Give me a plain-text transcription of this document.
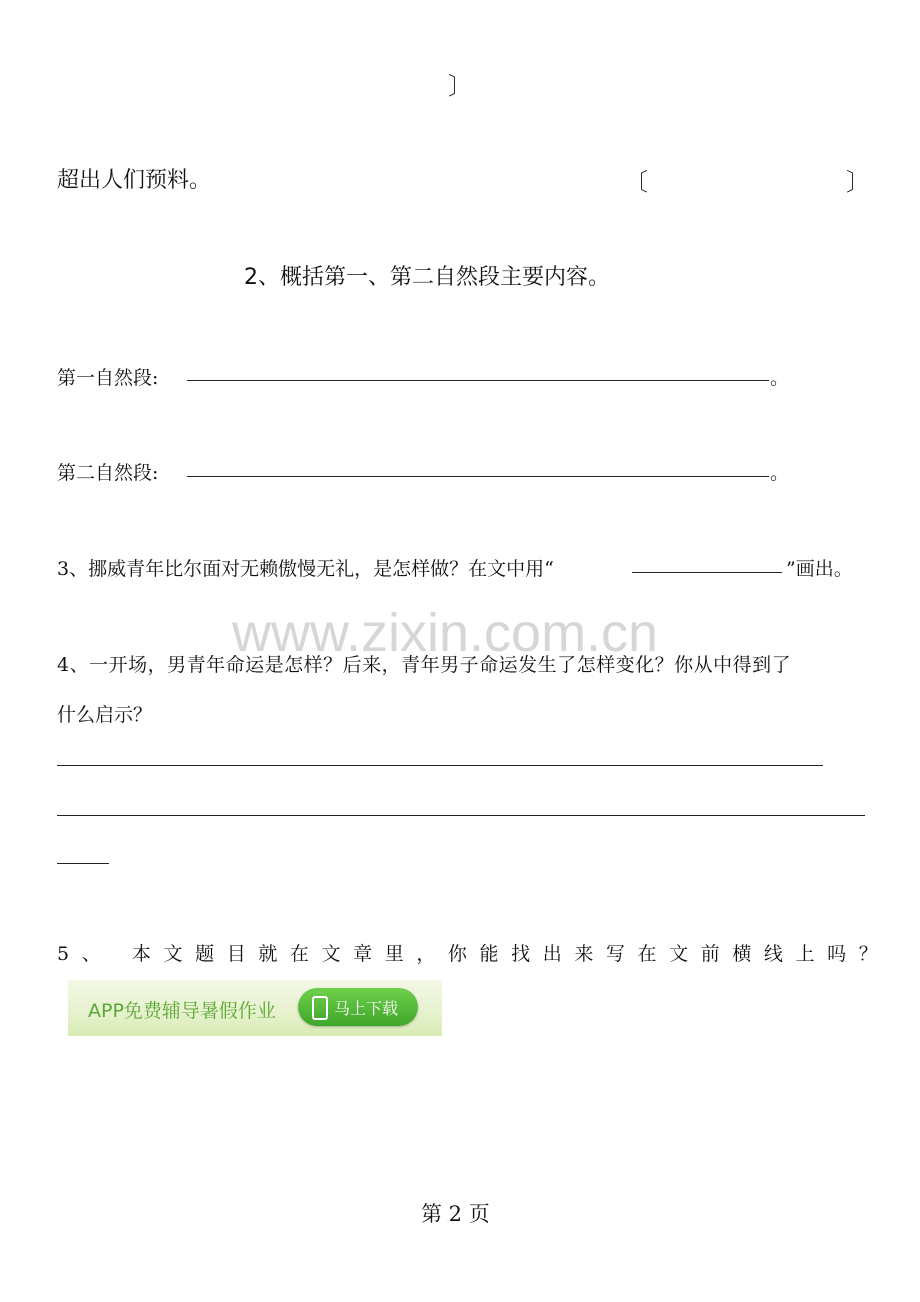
〕
超出人们预料。	〔	〕
2、概括第一、第二自然段主要内容。
第一自然段:	。
第二自然段:	。
3、挪威青年比尔面对无赖傲慢无礼，是怎样做？在文中用“	”画出。
www.zixin.com.cn
4、一开场，男青年命运是怎样？后来，青年男子命运发生了怎样变化？你从中得到了
什么启示？
5、 本文题目就在文章里，你能找出来写在文前横线上吗？
APP免费辅导暑假作业	马上下载
第 2 页
